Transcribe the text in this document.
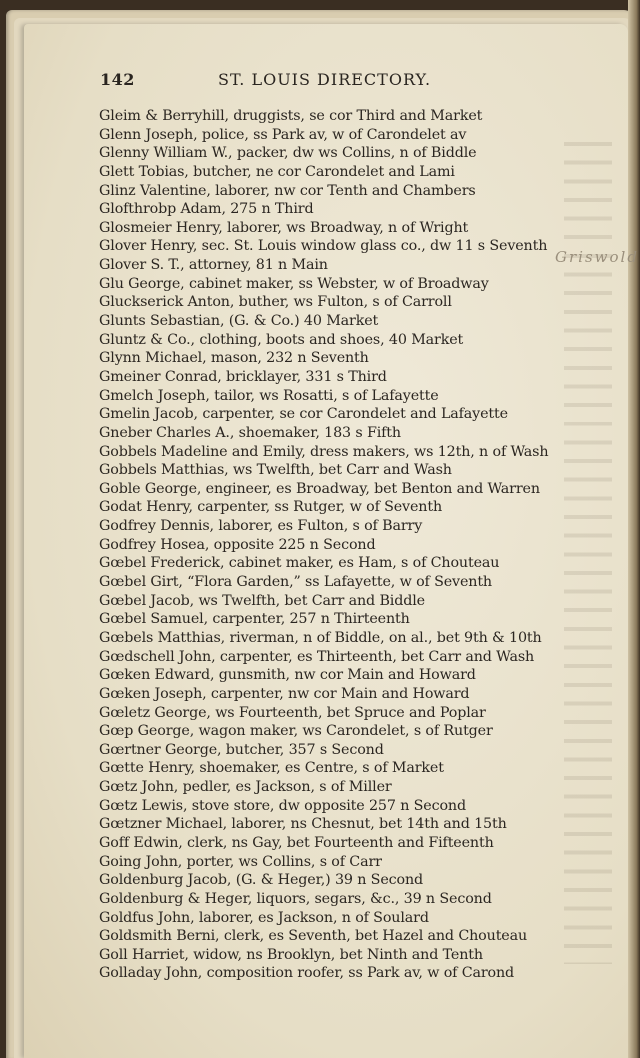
142	ST. LOUIS DIRECTORY.
Griswold
Gleim & Berryhill, druggists, se cor Third and Market
Glenn Joseph, police, ss Park av, w of Carondelet av
Glenny William W., packer, dw ws Collins, n of Biddle
Glett Tobias, butcher, ne cor Carondelet and Lami
Glinz Valentine, laborer, nw cor Tenth and Chambers
Glofthrobp Adam, 275 n Third
Glosmeier Henry, laborer, ws Broadway, n of Wright
Glover Henry, sec. St. Louis window glass co., dw 11 s Seventh
Glover S. T., attorney, 81 n Main
Glu George, cabinet maker, ss Webster, w of Broadway
Gluckserick Anton, buther, ws Fulton, s of Carroll
Glunts Sebastian, (G. & Co.) 40 Market
Gluntz & Co., clothing, boots and shoes, 40 Market
Glynn Michael, mason, 232 n Seventh
Gmeiner Conrad, bricklayer, 331 s Third
Gmelch Joseph, tailor, ws Rosatti, s of Lafayette
Gmelin Jacob, carpenter, se cor Carondelet and Lafayette
Gneber Charles A., shoemaker, 183 s Fifth
Gobbels Madeline and Emily, dress makers, ws 12th, n of Wash
Gobbels Matthias, ws Twelfth, bet Carr and Wash
Goble George, engineer, es Broadway, bet Benton and Warren
Godat Henry, carpenter, ss Rutger, w of Seventh
Godfrey Dennis, laborer, es Fulton, s of Barry
Godfrey Hosea, opposite 225 n Second
Gœbel Frederick, cabinet maker, es Ham, s of Chouteau
Gœbel Girt, “Flora Garden,” ss Lafayette, w of Seventh
Gœbel Jacob, ws Twelfth, bet Carr and Biddle
Gœbel Samuel, carpenter, 257 n Thirteenth
Gœbels Matthias, riverman, n of Biddle, on al., bet 9th & 10th
Gœdschell John, carpenter, es Thirteenth, bet Carr and Wash
Gœken Edward, gunsmith, nw cor Main and Howard
Gœken Joseph, carpenter, nw cor Main and Howard
Gœletz George, ws Fourteenth, bet Spruce and Poplar
Gœp George, wagon maker, ws Carondelet, s of Rutger
Gœrtner George, butcher, 357 s Second
Gœtte Henry, shoemaker, es Centre, s of Market
Gœtz John, pedler, es Jackson, s of Miller
Gœtz Lewis, stove store, dw opposite 257 n Second
Gœtzner Michael, laborer, ns Chesnut, bet 14th and 15th
Goff Edwin, clerk, ns Gay, bet Fourteenth and Fifteenth
Going John, porter, ws Collins, s of Carr
Goldenburg Jacob, (G. & Heger,) 39 n Second
Goldenburg & Heger, liquors, segars, &c., 39 n Second
Goldfus John, laborer, es Jackson, n of Soulard
Goldsmith Berni, clerk, es Seventh, bet Hazel and Chouteau
Goll Harriet, widow, ns Brooklyn, bet Ninth and Tenth
Golladay John, composition roofer, ss Park av, w of Carond
